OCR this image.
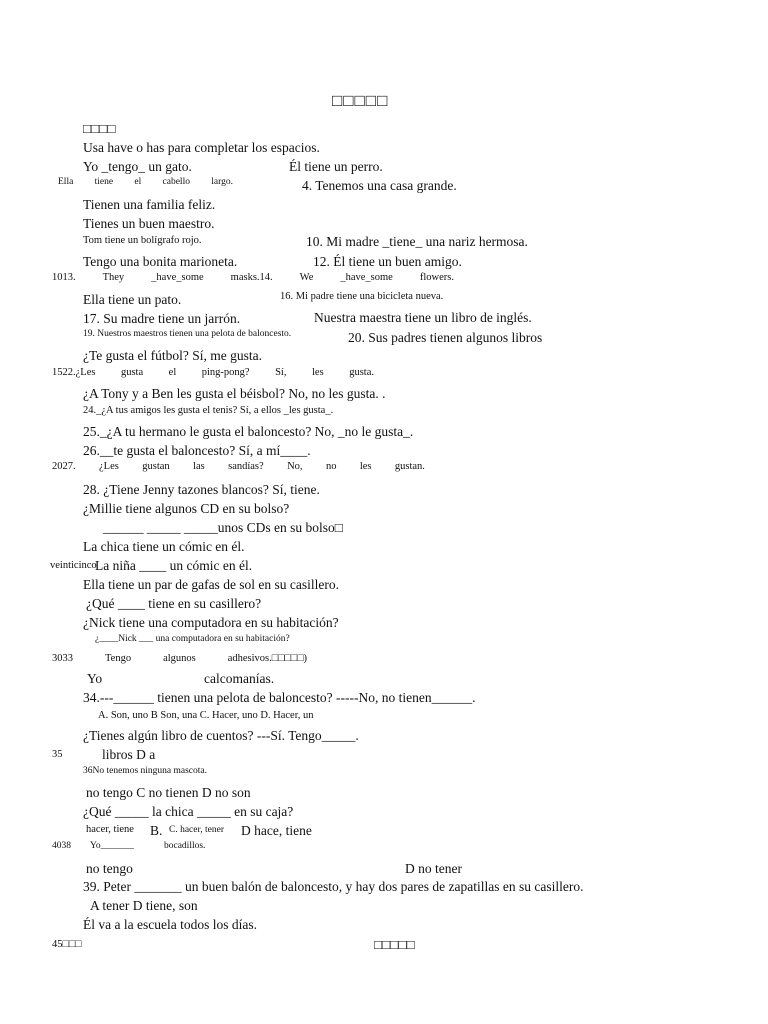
□□□□□
□□□□
Usa have o has para completar los espacios.
Yo _tengo_ un gato.	Él tiene un perro.
Ella tiene el cabello largo.	4. Tenemos una casa grande.
Tienen una familia feliz.
Tienes un buen maestro.
Tom tiene un bolígrafo rojo.	10. Mi madre _tiene_ una nariz hermosa.
Tengo una bonita marioneta.	12. Él tiene un buen amigo.
1013.	They	_have_some	masks.14.	We	_have_some	flowers.
Ella tiene un pato.	16. Mi padre tiene una bicicleta nueva.
17. Su madre tiene un jarrón.	Nuestra maestra tiene un libro de inglés.
19. Nuestros maestros tienen una pelota de baloncesto.	20. Sus padres tienen algunos libros
¿Te gusta el fútbol? Sí, me gusta.
1522.¿Les gusta el ping-pong? Sí, les gusta.
¿A Tony y a Ben les gusta el béisbol? No, no les gusta. .
24._¿A tus amigos les gusta el tenis? Sí, a ellos _les gusta_.
25._¿A tu hermano le gusta el baloncesto? No, _no le gusta_.
26.__te gusta el baloncesto? Sí, a mí____.
2027. ¿Les gustan las sandías? No, no les gustan.
28. ¿Tiene Jenny tazones blancos? Sí, tiene.
¿Millie tiene algunos CD en su bolso?
______ _____ _____unos CDs en su bolso□
La chica tiene un cómic en él.
veinticinco
La niña ____ un cómic en él.
Ella tiene un par de gafas de sol en su casillero.
¿Qué ____ tiene en su casillero?
¿Nick tiene una computadora en su habitación?
¿____Nick ___ una computadora en su habitación?
3033	Tengo	algunos	adhesivos.□□□□□)
Yo	calcomanías.
34.---______ tienen una pelota de baloncesto? -----No, no tienen______.
A. Son, uno B Son, una C. Hacer, uno D. Hacer, un
¿Tienes algún libro de cuentos? ---Sí. Tengo_____.
35	libros D a
36No tenemos ninguna mascota.
no tengo C no tienen D no son
¿Qué _____ la chica _____ en su caja?
hacer, tiene B. C. hacer, tener D hace, tiene
4038 Yo_______	bocadillos.
no tengo	D no tener
39. Peter _______ un buen balón de baloncesto, y hay dos pares de zapatillas en su casillero.
A tener D tiene, son
Él va a la escuela todos los días.
45□□□	□□□□□
